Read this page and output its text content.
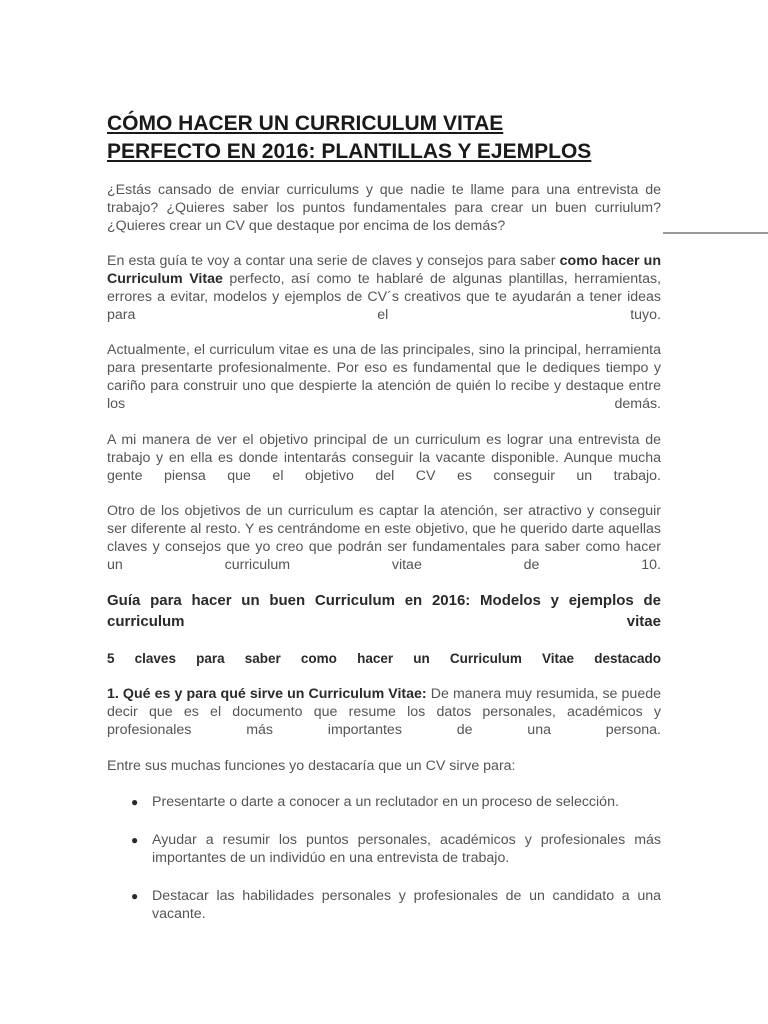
CÓMO HACER UN CURRICULUM VITAE
PERFECTO EN 2016: PLANTILLAS Y EJEMPLOS

¿Estás cansado de enviar curriculums y que nadie te llame para una entrevista de trabajo? ¿Quieres saber los puntos fundamentales para crear un buen curriulum? ¿Quieres crear un CV que destaque por encima de los demás?

En esta guía te voy a contar una serie de claves y consejos para saber como hacer un Curriculum Vitae perfecto, así como te hablaré de algunas plantillas, herramientas, errores a evitar, modelos y ejemplos de CV´s creativos que te ayudarán a tener ideas para el tuyo.

Actualmente, el curriculum vitae es una de las principales, sino la principal, herramienta para presentarte profesionalmente. Por eso es fundamental que le dediques tiempo y cariño para construir uno que despierte la atención de quién lo recibe y destaque entre los demás.

A mi manera de ver el objetivo principal de un curriculum es lograr una entrevista de trabajo y en ella es donde intentarás conseguir la vacante disponible. Aunque mucha gente piensa que el objetivo del CV es conseguir un trabajo.

Otro de los objetivos de un curriculum es captar la atención, ser atractivo y conseguir ser diferente al resto. Y es centrándome en este objetivo, que he querido darte aquellas claves y consejos que yo creo que podrán ser fundamentales para saber como hacer un curriculum vitae de 10.

Guía para hacer un buen Curriculum en 2016: Modelos y ejemplos de curriculum vitae
5 claves para saber como hacer un Curriculum Vitae destacado

1. Qué es y para qué sirve un Curriculum Vitae: De manera muy resumida, se puede decir que es el documento que resume los datos personales, académicos y profesionales más importantes de una persona.

Entre sus muchas funciones yo destacaría que un CV sirve para:

● Presentarte o darte a conocer a un reclutador en un proceso de selección.
● Ayudar a resumir los puntos personales, académicos y profesionales más importantes de un individúo en una entrevista de trabajo.
● Destacar las habilidades personales y profesionales de un candidato a una vacante.
